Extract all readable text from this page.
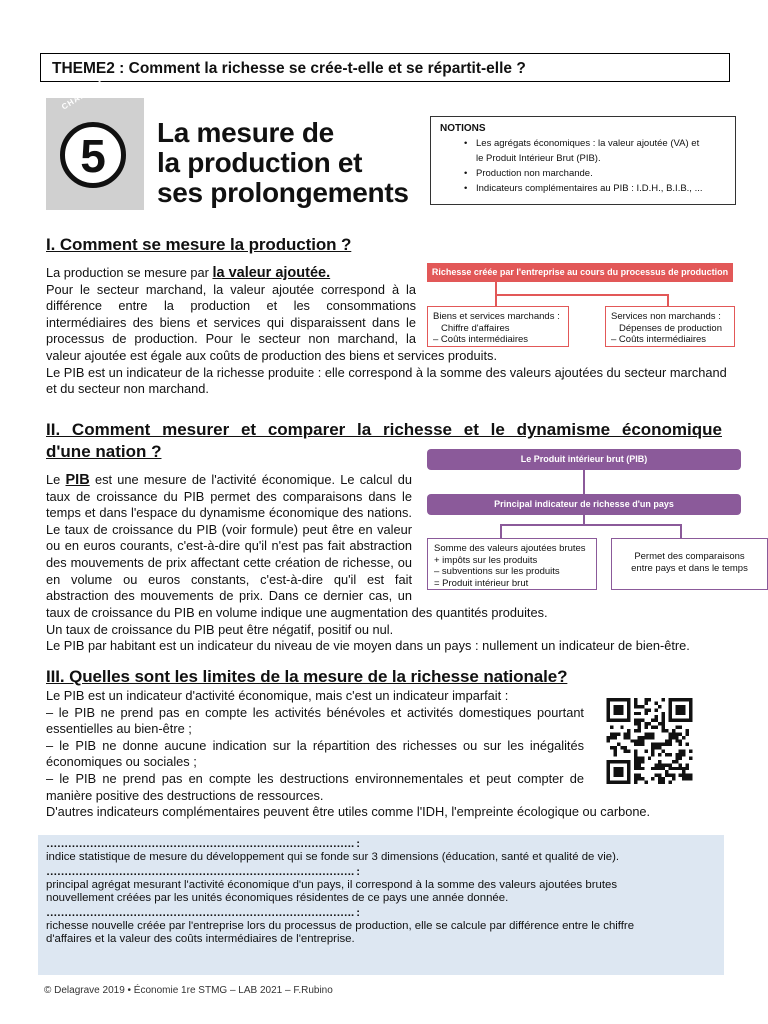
THEME2 : Comment la richesse se crée-t-elle et se répartit-elle ?
CHAPITRE
5	La mesure de
la production et
ses prolongements
NOTIONS
• Les agrégats économiques : la valeur ajoutée (VA) et
le Produit Intérieur Brut (PIB).
• Production non marchande.
• Indicateurs complémentaires au PIB : I.D.H., B.I.B., ...
I. Comment se mesure la production ?
La production se mesure par la valeur ajoutée.
Pour le secteur marchand, la valeur ajoutée correspond à la
différence entre la production et les consommations
intermédiaires des biens et services qui disparaissent dans le
processus de production. Pour le secteur non marchand, la
valeur ajoutée est égale aux coûts de production des biens et services produits.
Le PIB est un indicateur de la richesse produite : elle correspond à la somme des valeurs ajoutées du secteur marchand
et du secteur non marchand.
Richesse créée par l'entreprise au cours du processus de production
Biens et services marchands :
Chiffre d'affaires
– Coûts intermédiaires
Services non marchands :
Dépenses de production
– Coûts intermédiaires
II. Comment mesurer et comparer la richesse et le dynamisme économique
d'une nation ?
Le PIB est une mesure de l'activité économique. Le calcul du
taux de croissance du PIB permet des comparaisons dans le
temps et dans l'espace du dynamisme économique des nations.
Le taux de croissance du PIB (voir formule) peut être en valeur
ou en euros courants, c'est-à-dire qu'il n'est pas fait abstraction
des mouvements de prix affectant cette création de richesse, ou
en volume ou euros constants, c'est-à-dire qu'il est fait
abstraction des mouvements de prix. Dans ce dernier cas, un
taux de croissance du PIB en volume indique une augmentation des quantités produites.
Un taux de croissance du PIB peut être négatif, positif ou nul.
Le PIB par habitant est un indicateur du niveau de vie moyen dans un pays : nullement un indicateur de bien-être.
Le Produit intérieur brut (PIB)
Principal indicateur de richesse d'un pays
Somme des valeurs ajoutées brutes
+ impôts sur les produits
– subventions sur les produits
= Produit intérieur brut
Permet des comparaisons
entre pays et dans le temps
III. Quelles sont les limites de la mesure de la richesse nationale?
Le PIB est un indicateur d'activité économique, mais c'est un indicateur imparfait :
– le PIB ne prend pas en compte les activités bénévoles et activités domestiques pourtant
essentielles au bien-être ;
– le PIB ne donne aucune indication sur la répartition des richesses ou sur les inégalités
économiques ou sociales ;
– le PIB ne prend pas en compte les destructions environnementales et peut compter de
manière positive des destructions de ressources.
D'autres indicateurs complémentaires peuvent être utiles comme l'IDH, l'empreinte écologique ou carbone.
…………………………………………………………………………. :
indice statistique de mesure du développement qui se fonde sur 3 dimensions (éducation, santé et qualité de vie).
…………………………………………………………………………. :
principal agrégat mesurant l'activité économique d'un pays, il correspond à la somme des valeurs ajoutées brutes
nouvellement créées par les unités économiques résidentes de ce pays une année donnée.
…………………………………………………………………………. :
richesse nouvelle créée par l'entreprise lors du processus de production, elle se calcule par différence entre le chiffre
d'affaires et la valeur des coûts intermédiaires de l'entreprise.
© Delagrave 2019 • Économie 1re STMG – LAB 2021 – F.Rubino
